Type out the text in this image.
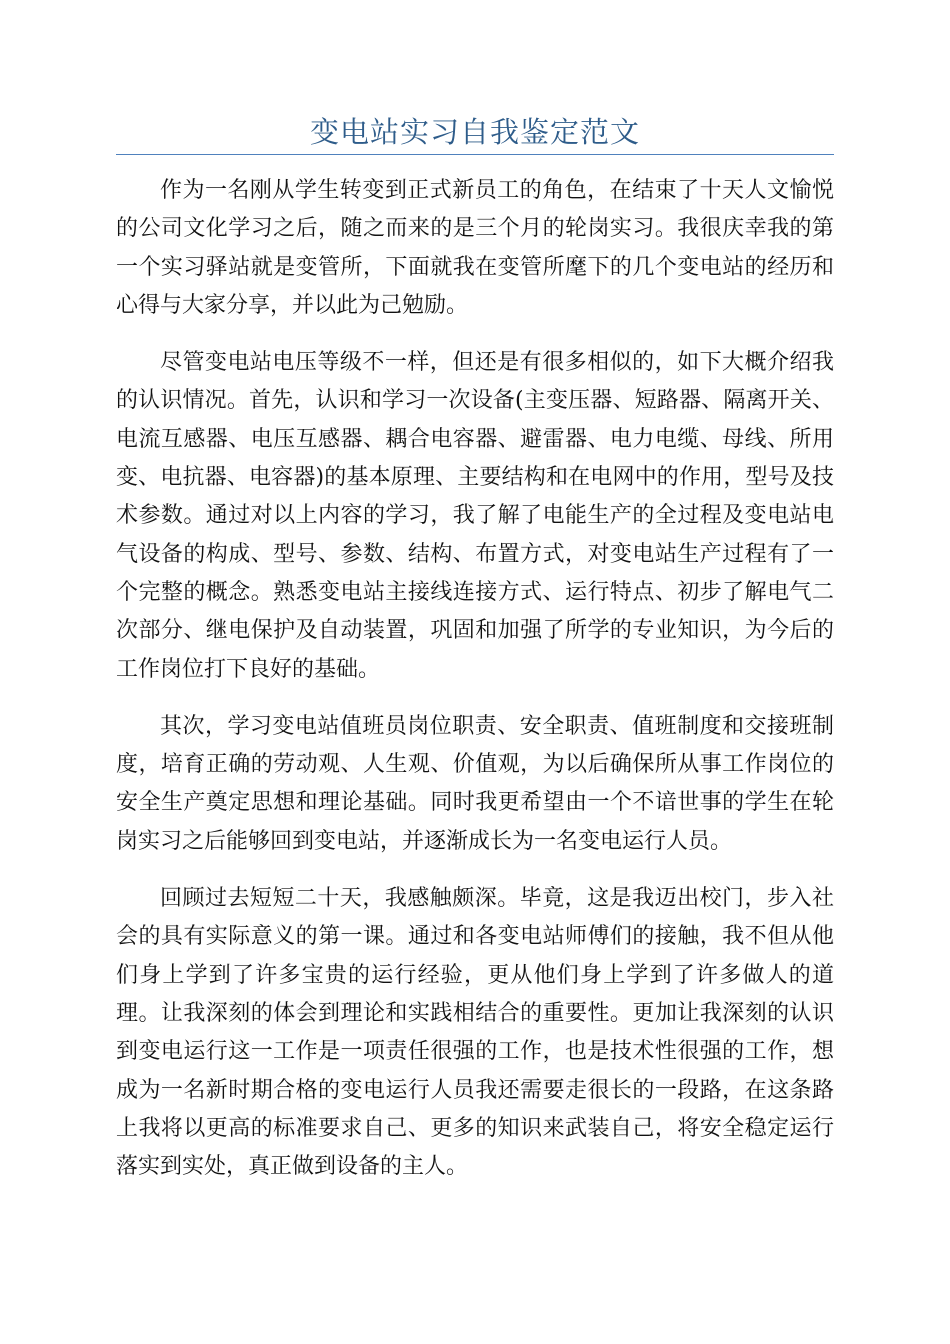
变电站实习自我鉴定范文

作为一名刚从学生转变到正式新员工的角色，在结束了十天人文愉悦的公司文化学习之后，随之而来的是三个月的轮岗实习。我很庆幸我的第一个实习驿站就是变管所，下面就我在变管所麾下的几个变电站的经历和心得与大家分享，并以此为己勉励。

尽管变电站电压等级不一样，但还是有很多相似的，如下大概介绍我的认识情况。首先，认识和学习一次设备(主变压器、短路器、隔离开关、电流互感器、电压互感器、耦合电容器、避雷器、电力电缆、母线、所用变、电抗器、电容器)的基本原理、主要结构和在电网中的作用，型号及技术参数。通过对以上内容的学习，我了解了电能生产的全过程及变电站电气设备的构成、型号、参数、结构、布置方式，对变电站生产过程有了一个完整的概念。熟悉变电站主接线连接方式、运行特点、初步了解电气二次部分、继电保护及自动装置，巩固和加强了所学的专业知识，为今后的工作岗位打下良好的基础。

其次，学习变电站值班员岗位职责、安全职责、值班制度和交接班制度，培育正确的劳动观、人生观、价值观，为以后确保所从事工作岗位的安全生产奠定思想和理论基础。同时我更希望由一个不谙世事的学生在轮岗实习之后能够回到变电站，并逐渐成长为一名变电运行人员。

回顾过去短短二十天，我感触颇深。毕竟，这是我迈出校门，步入社会的具有实际意义的第一课。通过和各变电站师傅们的接触，我不但从他们身上学到了许多宝贵的运行经验，更从他们身上学到了许多做人的道理。让我深刻的体会到理论和实践相结合的重要性。更加让我深刻的认识到变电运行这一工作是一项责任很强的工作，也是技术性很强的工作，想成为一名新时期合格的变电运行人员我还需要走很长的一段路，在这条路上我将以更高的标准要求自己、更多的知识来武装自己，将安全稳定运行落实到实处，真正做到设备的主人。
